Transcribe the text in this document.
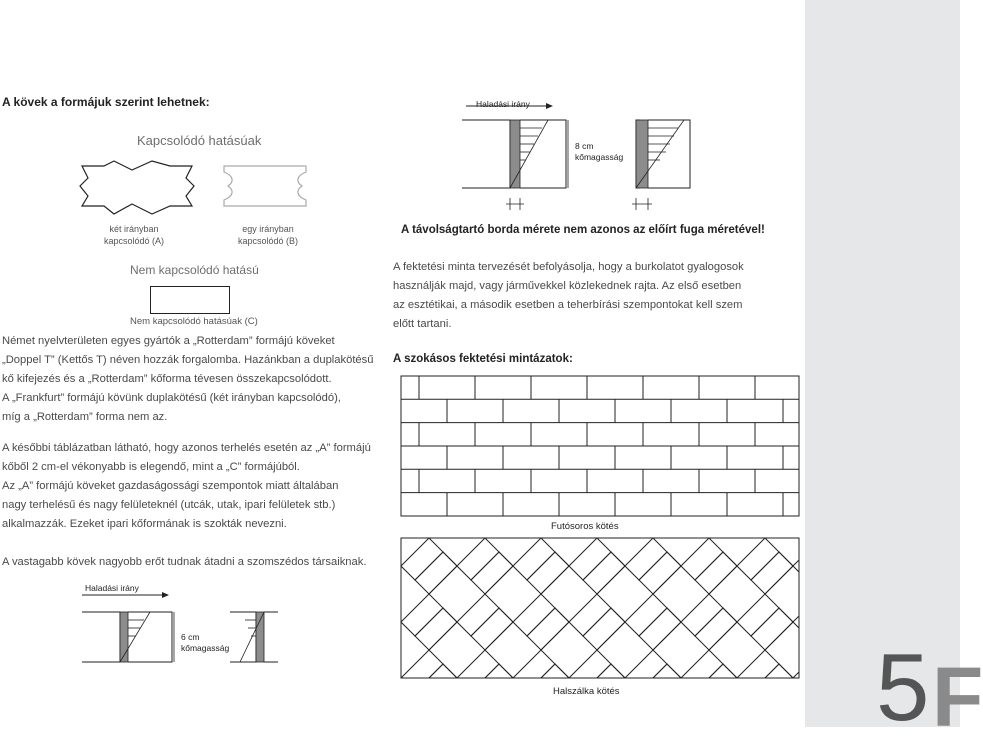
5 F
A kövek a formájuk szerint lehetnek:
Kapcsolódó hatásúak
két irányban
kapcsolódó (A)
egy irányban
kapcsolódó (B)
Nem kapcsolódó hatású
Nem kapcsolódó hatásúak (C)
Német nyelvterületen egyes gyártók a „Rotterdam” formájú köveket
„Doppel T” (Kettős T) néven hozzák forgalomba. Hazánkban a duplakötésű
kő kifejezés és a „Rotterdam” kőforma tévesen összekapcsolódott.
A „Frankfurt” formájú kövünk duplakötésű (két irányban kapcsolódó),
míg a „Rotterdam” forma nem az.
A későbbi táblázatban látható, hogy azonos terhelés esetén az „A” formájú
kőből 2 cm-el vékonyabb is elegendő, mint a „C” formájúból.
Az „A” formájú köveket gazdaságossági szempontok miatt általában
nagy terhelésű és nagy felületeknél (utcák, utak, ipari felületek stb.)
alkalmazzák. Ezeket ipari kőformának is szokták nevezni.
A vastagabb kövek nagyobb erőt tudnak átadni a szomszédos társaiknak.
Haladási irány
6 cm
kőmagasság
Haladási irány
8 cm
kőmagasság
A távolságtartó borda mérete nem azonos az előírt fuga méretével!
A fektetési minta tervezését befolyásolja, hogy a burkolatot gyalogosok
használják majd, vagy járművekkel közlekednek rajta. Az első esetben
az esztétikai, a második esetben a teherbírási szempontokat kell szem
előtt tartani.
A szokásos fektetési mintázatok:
Futósoros kötés
Halszálka kötés
